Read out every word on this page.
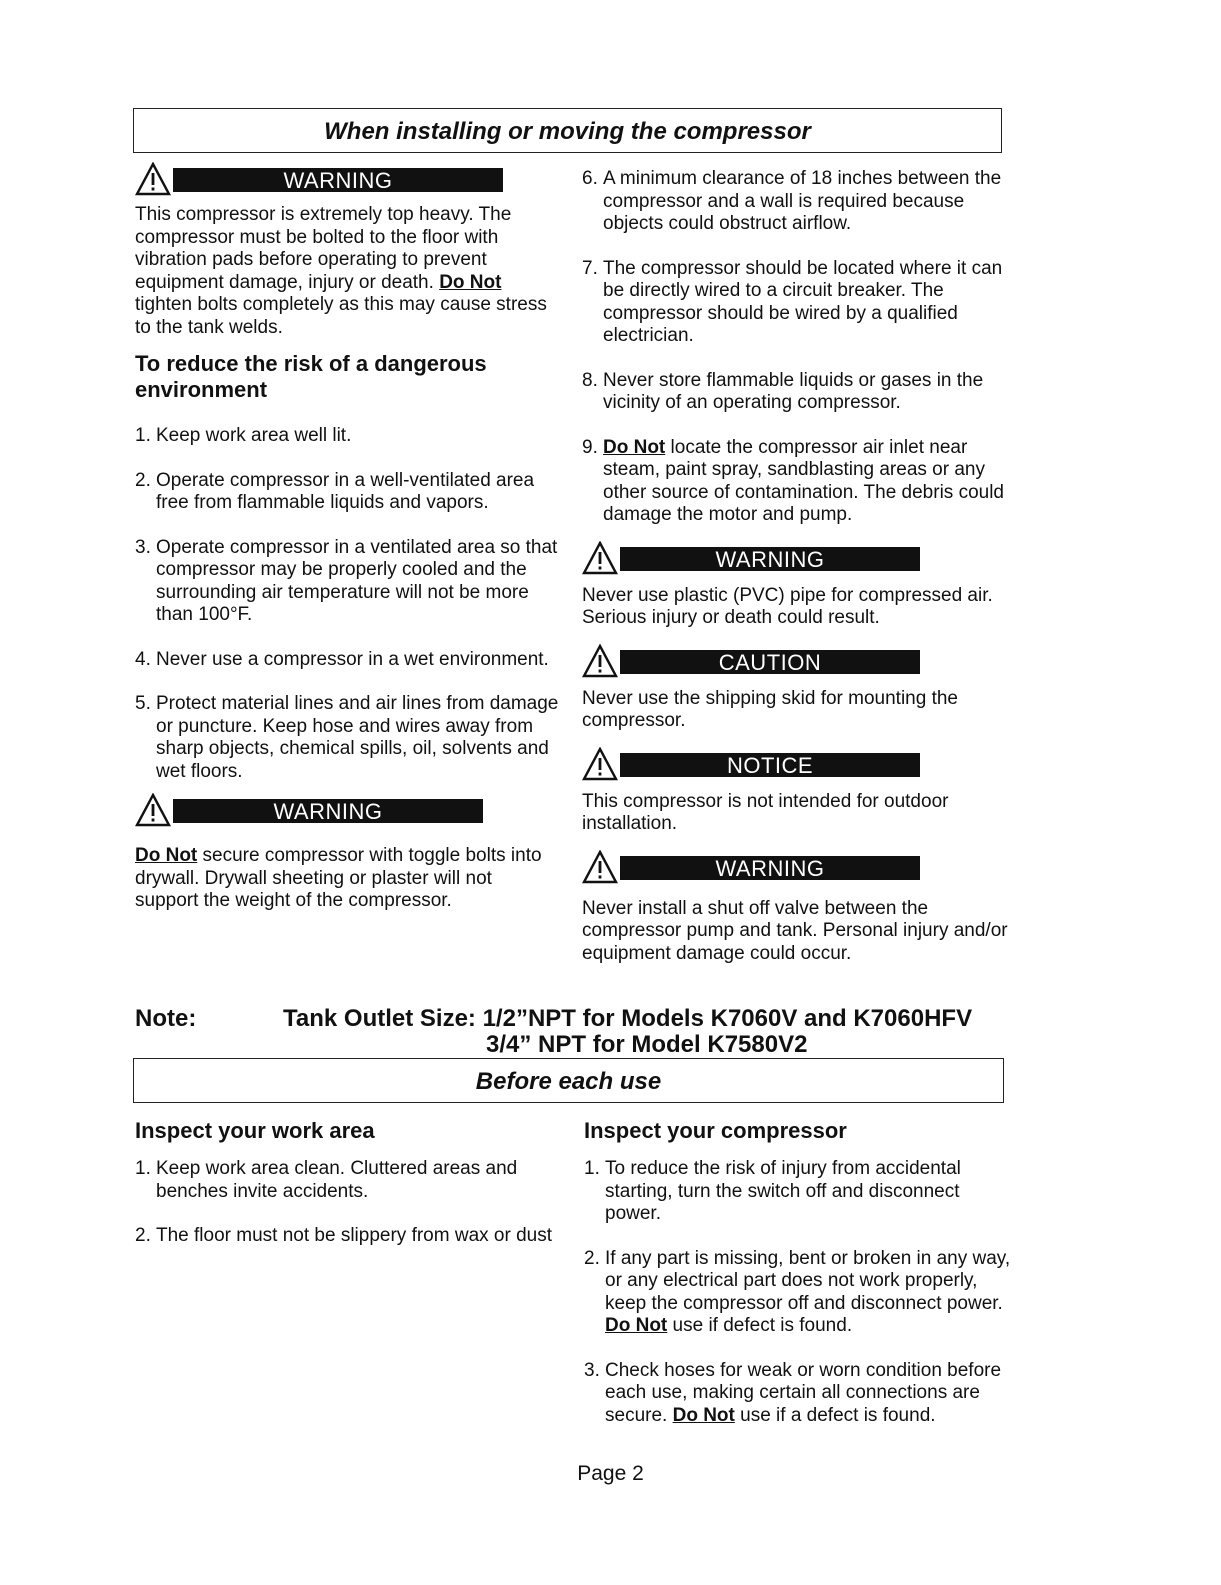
When installing or moving the compressor
WARNING

This compressor is extremely top heavy. The compressor must be bolted to the floor with vibration pads before operating to prevent equipment damage, injury or death. Do Not tighten bolts completely as this may cause stress to the tank welds.

To reduce the risk of a dangerous environment
1. Keep work area well lit.
2. Operate compressor in a well-ventilated area free from flammable liquids and vapors.
3. Operate compressor in a ventilated area so that compressor may be properly cooled and the surrounding air temperature will not be more than 100°F.
4. Never use a compressor in a wet environment.
5. Protect material lines and air lines from damage or puncture. Keep hose and wires away from sharp objects, chemical spills, oil, solvents and wet floors.
WARNING

Do Not secure compressor with toggle bolts into drywall. Drywall sheeting or plaster will not support the weight of the compressor.

6. A minimum clearance of 18 inches between the compressor and a wall is required because objects could obstruct airflow.
7. The compressor should be located where it can be directly wired to a circuit breaker. The compressor should be wired by a qualified electrician.
8. Never store flammable liquids or gases in the vicinity of an operating compressor.
9. Do Not locate the compressor air inlet near steam, paint spray, sandblasting areas or any other source of contamination. The debris could damage the motor and pump.
WARNING

Never use plastic (PVC) pipe for compressed air. Serious injury or death could result.

CAUTION

Never use the shipping skid for mounting the compressor.

NOTICE

This compressor is not intended for outdoor installation.

WARNING

Never install a shut off valve between the compressor pump and tank. Personal injury and/or equipment damage could occur.

Note:	Tank Outlet Size: 1/2”NPT for Models K7060V and K7060HFV
3/4” NPT for Model K7580V2
Before each use
Inspect your work area
1. Keep work area clean. Cluttered areas and benches invite accidents.
2. The floor must not be slippery from wax or dust
Inspect your compressor
1. To reduce the risk of injury from accidental starting, turn the switch off and disconnect power.
2. If any part is missing, bent or broken in any way, or any electrical part does not work properly, keep the compressor off and disconnect power. Do Not use if defect is found.
3. Check hoses for weak or worn condition before each use, making certain all connections are secure. Do Not use if a defect is found.
Page 2
